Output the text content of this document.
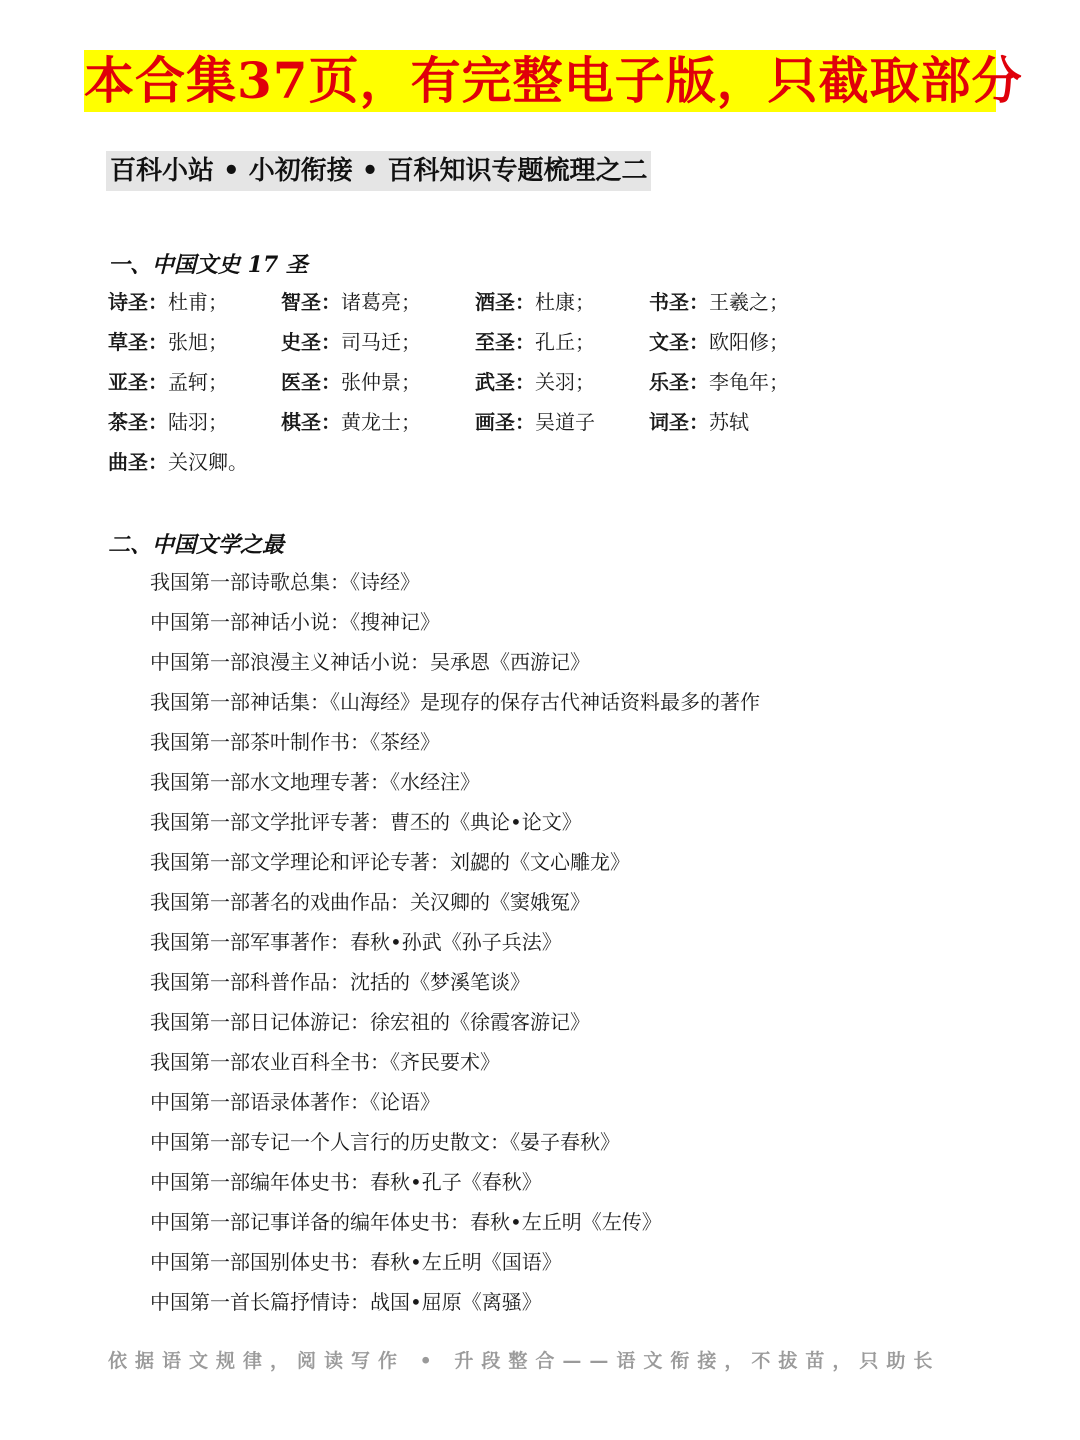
本合集37页，有完整电子版，只截取部分
百科小站 • 小初衔接 • 百科知识专题梳理之二
一、中国文史 17 圣
诗圣：杜甫；	智圣：诸葛亮；	酒圣：杜康；	书圣：王羲之；
草圣：张旭；	史圣：司马迁；	至圣：孔丘；	文圣：欧阳修；
亚圣：孟轲；	医圣：张仲景；	武圣：关羽；	乐圣：李龟年；
茶圣：陆羽；	棋圣：黄龙士；	画圣：吴道子	词圣：苏轼
曲圣：关汉卿。
二、中国文学之最
我国第一部诗歌总集：《诗经》
中国第一部神话小说：《搜神记》
中国第一部浪漫主义神话小说：吴承恩《西游记》
我国第一部神话集：《山海经》是现存的保存古代神话资料最多的著作
我国第一部茶叶制作书：《茶经》
我国第一部水文地理专著：《水经注》
我国第一部文学批评专著：曹丕的《典论•论文》
我国第一部文学理论和评论专著：刘勰的《文心雕龙》
我国第一部著名的戏曲作品：关汉卿的《窦娥冤》
我国第一部军事著作：春秋•孙武《孙子兵法》
我国第一部科普作品：沈括的《梦溪笔谈》
我国第一部日记体游记：徐宏祖的《徐霞客游记》
我国第一部农业百科全书：《齐民要术》
中国第一部语录体著作：《论语》
中国第一部专记一个人言行的历史散文：《晏子春秋》
中国第一部编年体史书：春秋•孔子《春秋》
中国第一部记事详备的编年体史书：春秋•左丘明《左传》
中国第一部国别体史书：春秋•左丘明《国语》
中国第一首长篇抒情诗：战国•屈原《离骚》
依据语文规律，阅读写作 • 升段整合——语文衔接，不拔苗，只助长
